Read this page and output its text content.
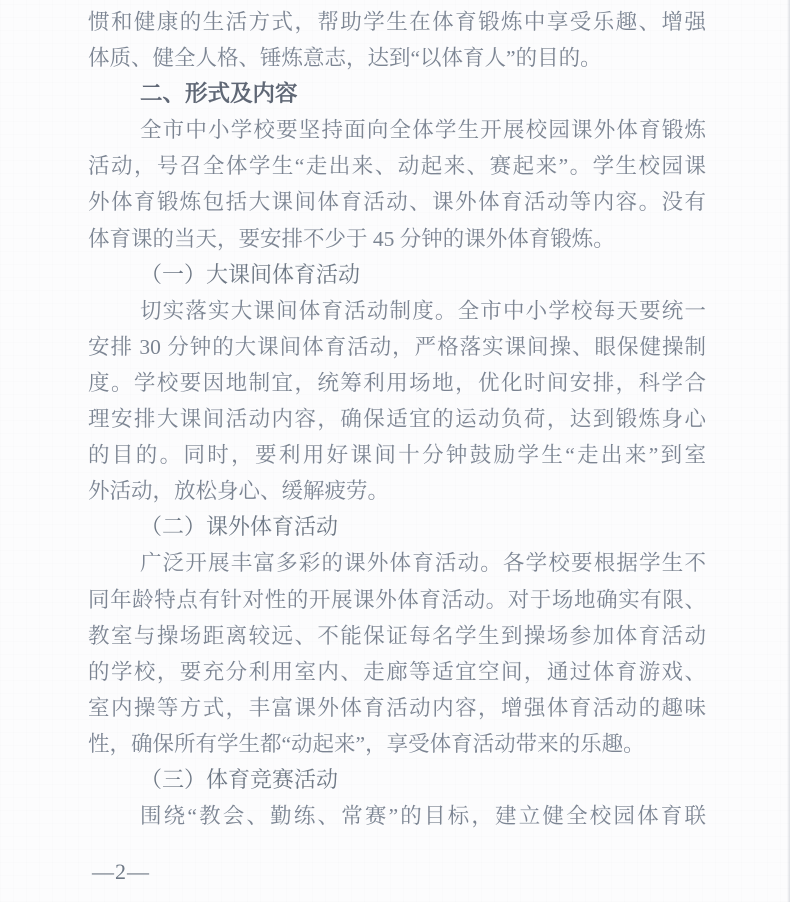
惯和健康的生活方式，帮助学生在体育锻炼中享受乐趣、增强
体质、健全人格、锤炼意志，达到“以体育人”的目的。
二、形式及内容
全市中小学校要坚持面向全体学生开展校园课外体育锻炼
活动，号召全体学生“走出来、动起来、赛起来”。学生校园课
外体育锻炼包括大课间体育活动、课外体育活动等内容。没有
体育课的当天，要安排不少于 45 分钟的课外体育锻炼。
（一）大课间体育活动
切实落实大课间体育活动制度。全市中小学校每天要统一
安排 30 分钟的大课间体育活动，严格落实课间操、眼保健操制
度。学校要因地制宜，统筹利用场地，优化时间安排，科学合
理安排大课间活动内容，确保适宜的运动负荷，达到锻炼身心
的目的。同时，要利用好课间十分钟鼓励学生“走出来”到室
外活动，放松身心、缓解疲劳。
（二）课外体育活动
广泛开展丰富多彩的课外体育活动。各学校要根据学生不
同年龄特点有针对性的开展课外体育活动。对于场地确实有限、
教室与操场距离较远、不能保证每名学生到操场参加体育活动
的学校，要充分利用室内、走廊等适宜空间，通过体育游戏、
室内操等方式，丰富课外体育活动内容，增强体育活动的趣味
性，确保所有学生都“动起来”，享受体育活动带来的乐趣。
（三）体育竞赛活动
围绕“教会、勤练、常赛”的目标，建立健全校园体育联
—2—
